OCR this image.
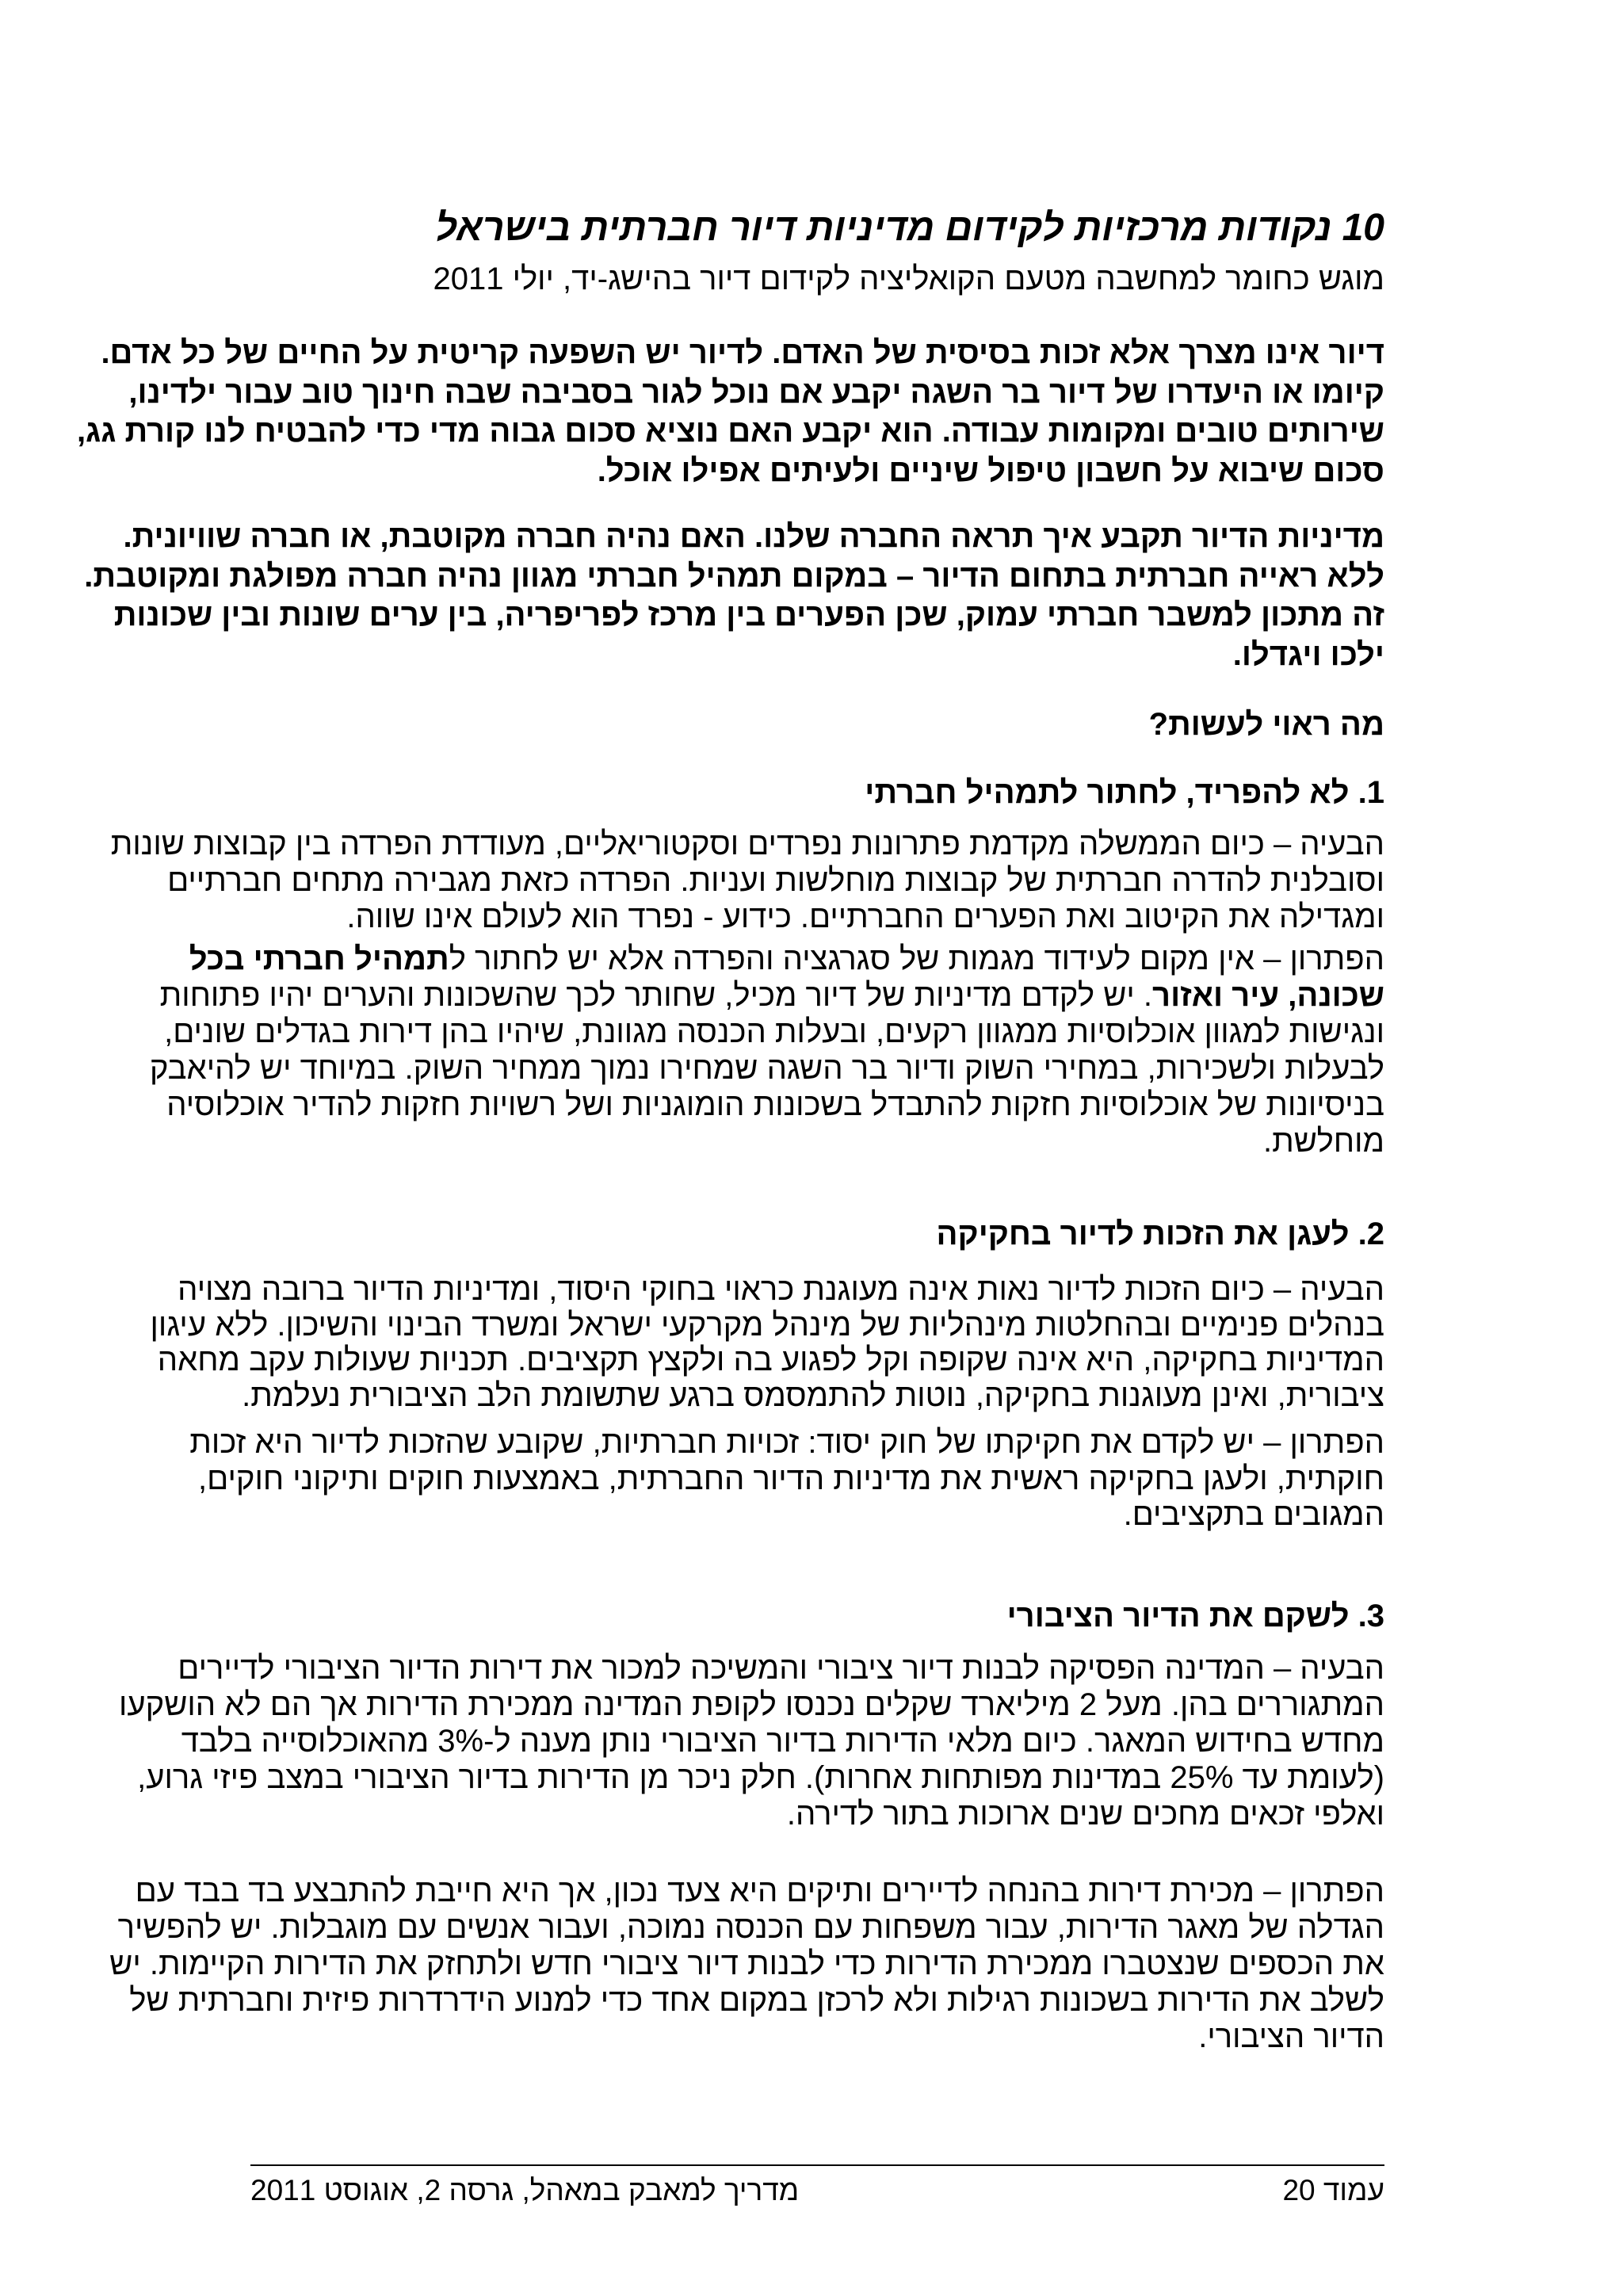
10 נקודות מרכזיות לקידום מדיניות דיור חברתית בישראל
מוגש כחומר למחשבה מטעם הקואליציה לקידום דיור בהישג-יד, יולי 2011
דיור אינו מצרך אלא זכות בסיסית של האדם. לדיור יש השפעה קריטית על החיים של כל אדם.
קיומו או היעדרו של דיור בר השגה יקבע אם נוכל לגור בסביבה שבה חינוך טוב עבור ילדינו,
שירותים טובים ומקומות עבודה. הוא יקבע האם נוציא סכום גבוה מדי כדי להבטיח לנו קורת גג,
סכום שיבוא על חשבון טיפול שיניים ולעיתים אפילו אוכל.
מדיניות הדיור תקבע איך תראה החברה שלנו. האם נהיה חברה מקוטבת, או חברה שוויונית.
ללא ראייה חברתית בתחום הדיור – במקום תמהיל חברתי מגוון נהיה חברה מפולגת ומקוטבת.
זה מתכון למשבר חברתי עמוק, שכן הפערים בין מרכז לפריפריה, בין ערים שונות ובין שכונות
ילכו ויגדלו.
מה ראוי לעשות?
1. לא להפריד, לחתור לתמהיל חברתי
הבעיה – כיום הממשלה מקדמת פתרונות נפרדים וסקטוריאליים, מעודדת הפרדה בין קבוצות שונות
וסובלנית להדרה חברתית של קבוצות מוחלשות ועניות. הפרדה כזאת מגבירה מתחים חברתיים
ומגדילה את הקיטוב ואת הפערים החברתיים. כידוע - נפרד הוא לעולם אינו שווה.
הפתרון – אין מקום לעידוד מגמות של סגרגציה והפרדה אלא יש לחתור לתמהיל חברתי בכל
שכונה, עיר ואזור. יש לקדם מדיניות של דיור מכיל, שחותר לכך שהשכונות והערים יהיו פתוחות
ונגישות למגוון אוכלוסיות ממגוון רקעים, ובעלות הכנסה מגוונת, שיהיו בהן דירות בגדלים שונים,
לבעלות ולשכירות, במחירי השוק ודיור בר השגה שמחירו נמוך ממחיר השוק. במיוחד יש להיאבק
בניסיונות של אוכלוסיות חזקות להתבדל בשכונות הומוגניות ושל רשויות חזקות להדיר אוכלוסיה
מוחלשת.
2. לעגן את הזכות לדיור בחקיקה
הבעיה – כיום הזכות לדיור נאות אינה מעוגנת כראוי בחוקי היסוד, ומדיניות הדיור ברובה מצויה
בנהלים פנימיים ובהחלטות מינהליות של מינהל מקרקעי ישראל ומשרד הבינוי והשיכון. ללא עיגון
המדיניות בחקיקה, היא אינה שקופה וקל לפגוע בה ולקצץ תקציבים. תכניות שעולות עקב מחאה
ציבורית, ואינן מעוגנות בחקיקה, נוטות להתמסמס ברגע שתשומת הלב הציבורית נעלמת.
הפתרון – יש לקדם את חקיקתו של חוק יסוד: זכויות חברתיות, שקובע שהזכות לדיור היא זכות
חוקתית, ולעגן בחקיקה ראשית את מדיניות הדיור החברתית, באמצעות חוקים ותיקוני חוקים,
המגובים בתקציבים.
3. לשקם את הדיור הציבורי
הבעיה – המדינה הפסיקה לבנות דיור ציבורי והמשיכה למכור את דירות הדיור הציבורי לדיירים
המתגוררים בהן. מעל 2 מיליארד שקלים נכנסו לקופת המדינה ממכירת הדירות אך הם לא הושקעו
מחדש בחידוש המאגר. כיום מלאי הדירות בדיור הציבורי נותן מענה ל-3% מהאוכלוסייה בלבד
(לעומת עד 25% במדינות מפותחות אחרות). חלק ניכר מן הדירות בדיור הציבורי במצב פיזי גרוע,
ואלפי זכאים מחכים שנים ארוכות בתור לדירה.
הפתרון – מכירת דירות בהנחה לדיירים ותיקים היא צעד נכון, אך היא חייבת להתבצע בד בבד עם
הגדלה של מאגר הדירות, עבור משפחות עם הכנסה נמוכה, ועבור אנשים עם מוגבלות. יש להפשיר
את הכספים שנצטברו ממכירת הדירות כדי לבנות דיור ציבורי חדש ולתחזק את הדירות הקיימות. יש
לשלב את הדירות בשכונות רגילות ולא לרכזן במקום אחד כדי למנוע הידרדרות פיזית וחברתית של
הדיור הציבורי.
עמוד 20
מדריך למאבק במאהל, גרסה 2, אוגוסט 2011
